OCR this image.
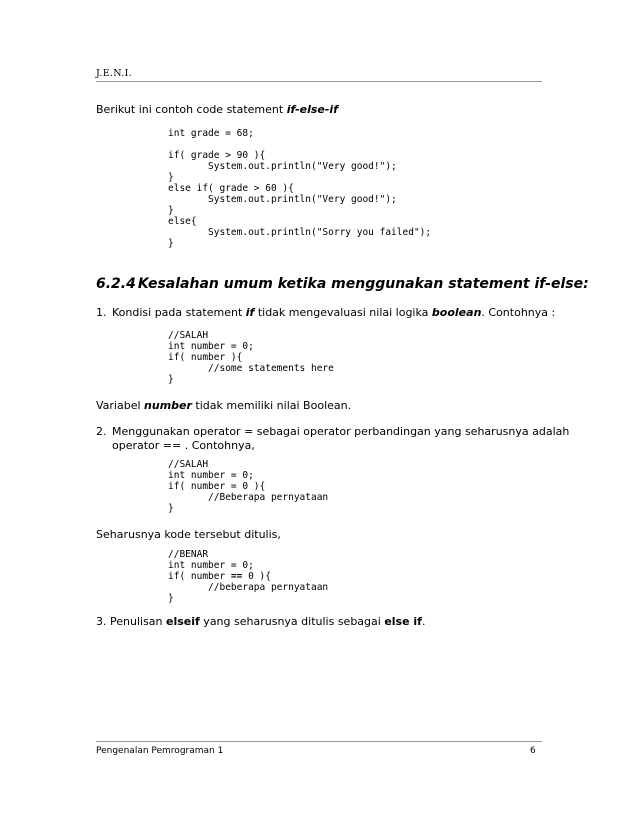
J.E.N.I.
Berikut ini contoh code statement if-else-if
int grade = 68;

if( grade > 90 ){
System.out.println("Very good!");
}
else if( grade > 60 ){
System.out.println("Very good!");
}
else{
System.out.println("Sorry you failed");
}
6.2.4 Kesalahan umum ketika menggunakan statement if-else:
1. Kondisi pada statement if tidak mengevaluasi nilai logika boolean. Contohnya :
//SALAH
int number = 0;
if( number ){
//some statements here
}
Variabel number tidak memiliki nilai Boolean.
2. Menggunakan operator = sebagai operator perbandingan yang seharusnya adalah
operator == . Contohnya,
//SALAH
int number = 0;
if( number = 0 ){
//Beberapa pernyataan
}
Seharusnya kode tersebut ditulis,
//BENAR
int number = 0;
if( number == 0 ){
//beberapa pernyataan
}
3. Penulisan elseif yang seharusnya ditulis sebagai else if.
Pengenalan Pemrograman 1	6
